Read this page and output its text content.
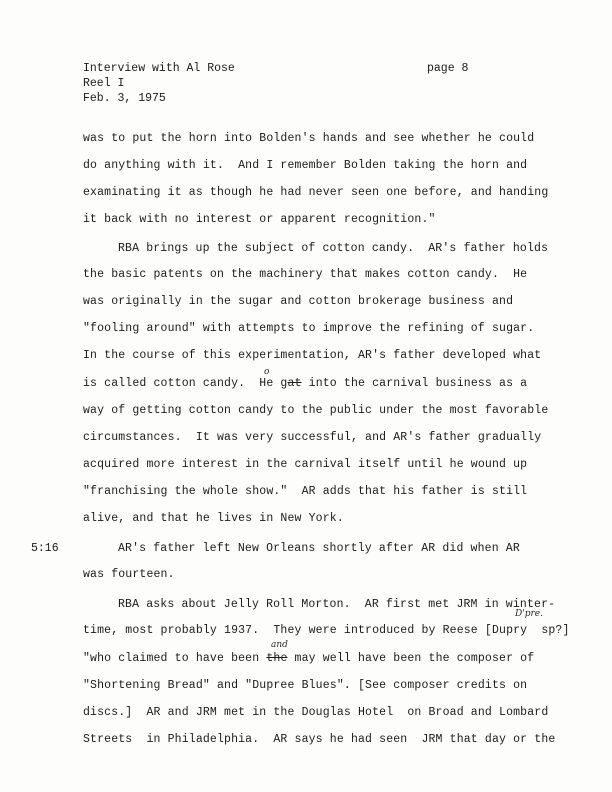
Interview with Al Rose	page 8
Reel I
Feb. 3, 1975
was to put the horn into Bolden's hands and see whether he could
do anything with it.  And I remember Bolden taking the horn and
examinating it as though he had never seen one before, and handing
it back with no interest or apparent recognition."
RBA brings up the subject of cotton candy.  AR's father holds
the basic patents on the machinery that makes cotton candy.  He
was originally in the sugar and cotton brokerage business and
"fooling around" with attempts to improve the refining of sugar.
In the course of this experimentation, AR's father developed what
o
is called cotton candy.  He gat into the carnival business as a
way of getting cotton candy to the public under the most favorable
circumstances.  It was very successful, and AR's father gradually
acquired more interest in the carnival itself until he wound up
"franchising the whole show."  AR adds that his father is still
alive, and that he lives in New York.
5:16	AR's father left New Orleans shortly after AR did when AR
was fourteen.
RBA asks about Jelly Roll Morton.  AR first met JRM in winter-
D'pre.
time, most probably 1937.  They were introduced by Reese [Dupry  sp?]
and
"who claimed to have been the may well have been the composer of
"Shortening Bread" and "Dupree Blues". [See composer credits on
discs.]  AR and JRM met in the Douglas Hotel  on Broad and Lombard
Streets  in Philadelphia.  AR says he had seen  JRM that day or the
